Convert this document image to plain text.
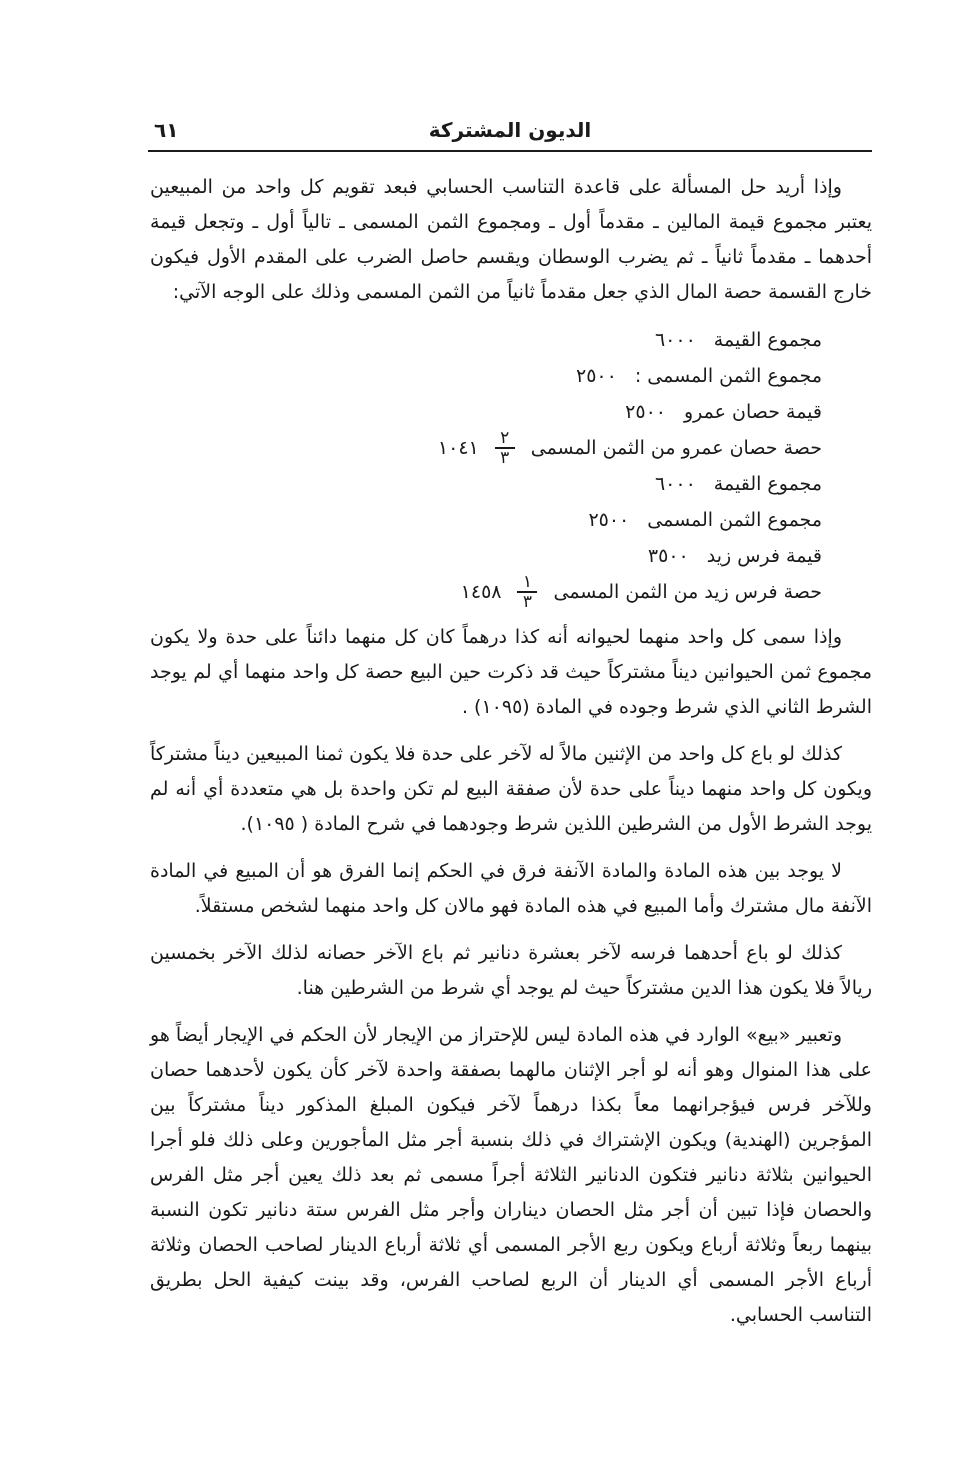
الديون المشتركة
٦١

وإذا أريد حل المسألة على قاعدة التناسب الحسابي فبعد تقويم كل واحد من المبيعين يعتبر مجموع قيمة المالين ـ مقدماً أول ـ ومجموع الثمن المسمى ـ تالياً أول ـ وتجعل قيمة أحدهما ـ مقدماً ثانياً ـ ثم يضرب الوسطان ويقسم حاصل الضرب على المقدم الأول فيكون خارج القسمة حصة المال الذي جعل مقدماً ثانياً من الثمن المسمى وذلك على الوجه الآتي:

مجموع القيمة
٦٠٠٠
مجموع الثمن المسمى :
٢٥٠٠
قيمة حصان عمرو
٢٥٠٠
حصة حصان عمرو من الثمن المسمى
$\frac{٢}{٣}$
١٠٤١
مجموع القيمة
٦٠٠٠
مجموع الثمن المسمى
٢٥٠٠
قيمة فرس زيد
٣٥٠٠
حصة فرس زيد من الثمن المسمى
$\frac{١}{٣}$
١٤٥٨

وإذا سمى كل واحد منهما لحيوانه أنه كذا درهماً كان كل منهما دائناً على حدة ولا يكون مجموع ثمن الحيوانين ديناً مشتركاً حيث قد ذكرت حين البيع حصة كل واحد منهما أي لم يوجد الشرط الثاني الذي شرط وجوده في المادة (١٠٩٥) .

كذلك لو باع كل واحد من الإثنين مالاً له لآخر على حدة فلا يكون ثمنا المبيعين ديناً مشتركاً ويكون كل واحد منهما ديناً على حدة لأن صفقة البيع لم تكن واحدة بل هي متعددة أي أنه لم يوجد الشرط الأول من الشرطين اللذين شرط وجودهما في شرح المادة ( ١٠٩٥).

لا يوجد بين هذه المادة والمادة الآنفة فرق في الحكم إنما الفرق هو أن المبيع في المادة الآنفة مال مشترك وأما المبيع في هذه المادة فهو مالان كل واحد منهما لشخص مستقلاً.

كذلك لو باع أحدهما فرسه لآخر بعشرة دنانير ثم باع الآخر حصانه لذلك الآخر بخمسين ريالاً فلا يكون هذا الدين مشتركاً حيث لم يوجد أي شرط من الشرطين هنا.

وتعبير «بيع» الوارد في هذه المادة ليس للإحتراز من الإيجار لأن الحكم في الإيجار أيضاً هو على هذا المنوال وهو أنه لو أجر الإثنان مالهما بصفقة واحدة لآخر كأن يكون لأحدهما حصان وللآخر فرس فيؤجرانهما معاً بكذا درهماً لآخر فيكون المبلغ المذكور ديناً مشتركاً بين المؤجرين (الهندية) ويكون الإشتراك في ذلك بنسبة أجر مثل المأجورين وعلى ذلك فلو أجرا الحيوانين بثلاثة دنانير فتكون الدنانير الثلاثة أجراً مسمى ثم بعد ذلك يعين أجر مثل الفرس والحصان فإذا تبين أن أجر مثل الحصان ديناران وأجر مثل الفرس ستة دنانير تكون النسبة بينهما ربعاً وثلاثة أرباع ويكون ربع الأجر المسمى أي ثلاثة أرباع الدينار لصاحب الحصان وثلاثة أرباع الأجر المسمى أي الدينار أن الربع لصاحب الفرس، وقد بينت كيفية الحل بطريق التناسب الحسابي.
